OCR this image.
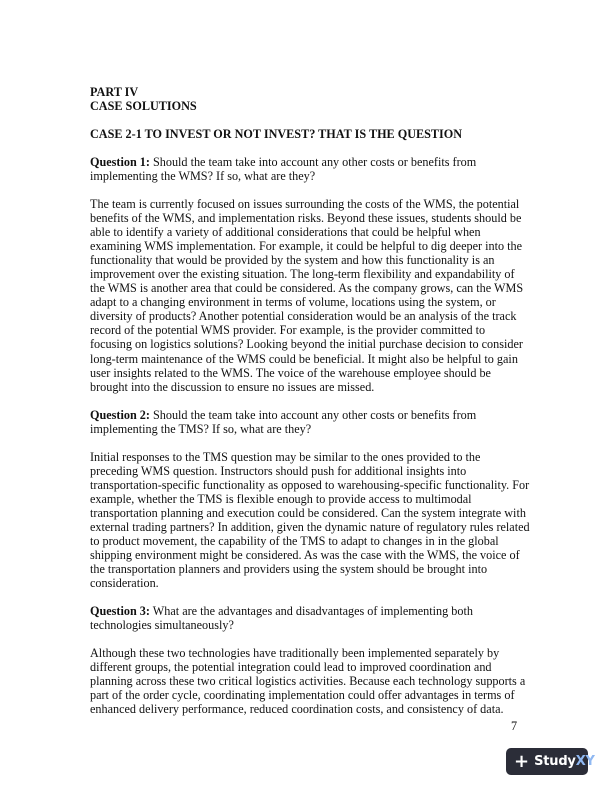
PART IV

CASE SOLUTIONS

CASE 2-1 TO INVEST OR NOT INVEST? THAT IS THE QUESTION

Question 1: Should the team take into account any other costs or benefits from implementing the WMS? If so, what are they?

The team is currently focused on issues surrounding the costs of the WMS, the potential benefits of the WMS, and implementation risks. Beyond these issues, students should be able to identify a variety of additional considerations that could be helpful when examining WMS implementation. For example, it could be helpful to dig deeper into the functionality that would be provided by the system and how this functionality is an improvement over the existing situation. The long-term flexibility and expandability of the WMS is another area that could be considered. As the company grows, can the WMS adapt to a changing environment in terms of volume, locations using the system, or diversity of products? Another potential consideration would be an analysis of the track record of the potential WMS provider. For example, is the provider committed to focusing on logistics solutions? Looking beyond the initial purchase decision to consider long-term maintenance of the WMS could be beneficial. It might also be helpful to gain user insights related to the WMS. The voice of the warehouse employee should be brought into the discussion to ensure no issues are missed.

Question 2: Should the team take into account any other costs or benefits from implementing the TMS? If so, what are they?

Initial responses to the TMS question may be similar to the ones provided to the preceding WMS question. Instructors should push for additional insights into transportation-specific functionality as opposed to warehousing-specific functionality. For example, whether the TMS is flexible enough to provide access to multimodal transportation planning and execution could be considered. Can the system integrate with external trading partners? In addition, given the dynamic nature of regulatory rules related to product movement, the capability of the TMS to adapt to changes in in the global shipping environment might be considered. As was the case with the WMS, the voice of the transportation planners and providers using the system should be brought into consideration.

Question 3: What are the advantages and disadvantages of implementing both technologies simultaneously?

Although these two technologies have traditionally been implemented separately by different groups, the potential integration could lead to improved coordination and planning across these two critical logistics activities. Because each technology supports a part of the order cycle, coordinating implementation could offer advantages in terms of enhanced delivery performance, reduced coordination costs, and consistency of data.

7
+ StudyXY
